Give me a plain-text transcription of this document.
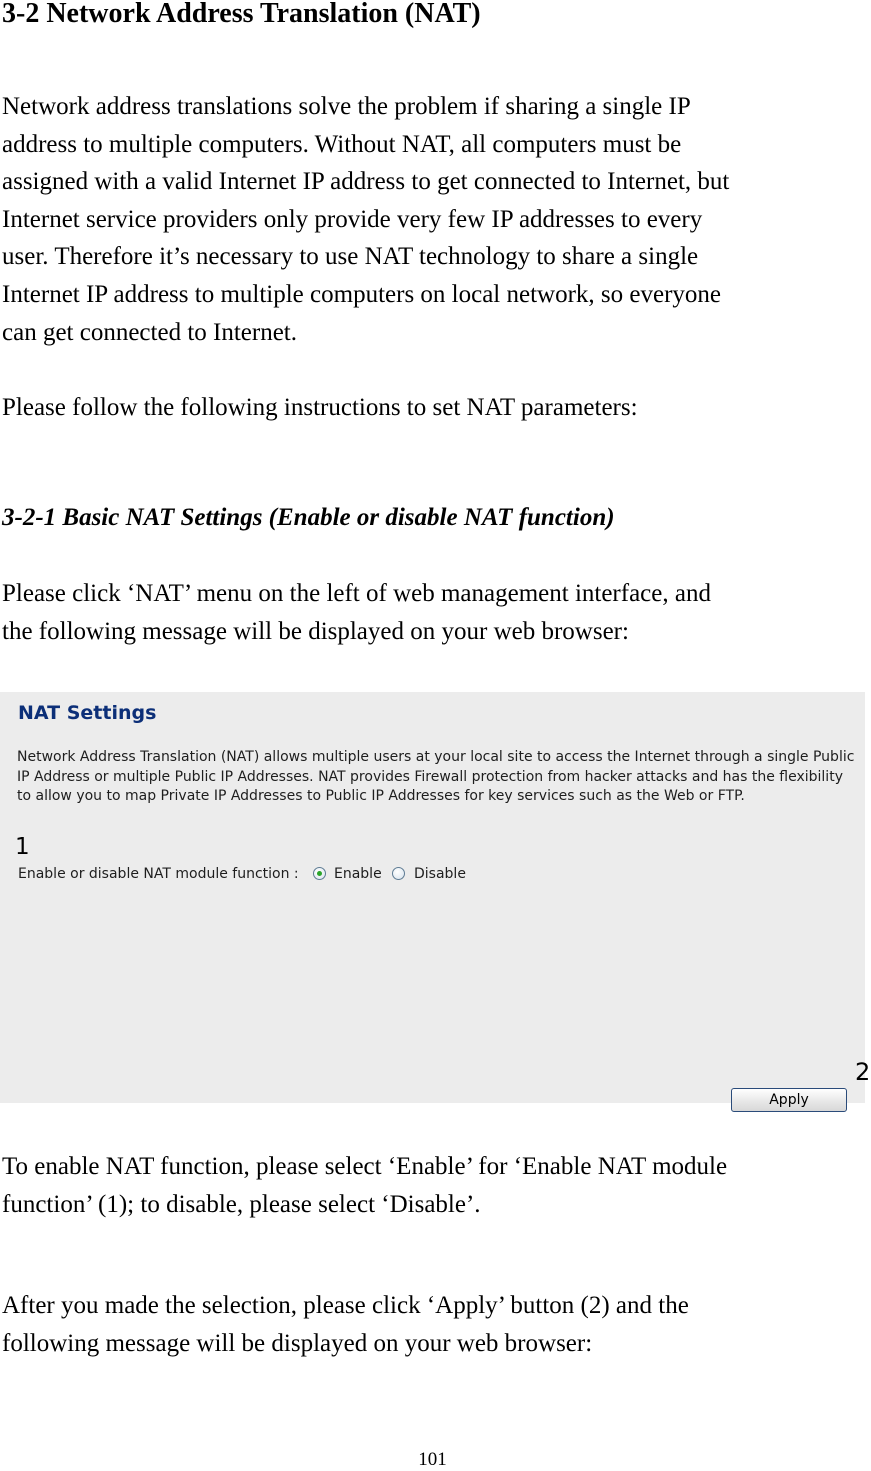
3-2 Network Address Translation (NAT)

Network address translations solve the problem if sharing a single IP
address to multiple computers. Without NAT, all computers must be
assigned with a valid Internet IP address to get connected to Internet, but
Internet service providers only provide very few IP addresses to every
user. Therefore it’s necessary to use NAT technology to share a single
Internet IP address to multiple computers on local network, so everyone
can get connected to Internet.

Please follow the following instructions to set NAT parameters:

3-2-1 Basic NAT Settings (Enable or disable NAT function)

Please click ‘NAT’ menu on the left of web management interface, and
the following message will be displayed on your web browser:

NAT Settings
Network Address Translation (NAT) allows multiple users at your local site to access the Internet through a single Public
IP Address or multiple Public IP Addresses. NAT provides Firewall protection from hacker attacks and has the flexibility
to allow you to map Private IP Addresses to Public IP Addresses for key services such as the Web or FTP.
1
Enable or disable NAT module function :	Enable Disable
Apply
2

To enable NAT function, please select ‘Enable’ for ‘Enable NAT module
function’ (1); to disable, please select ‘Disable’.

After you made the selection, please click ‘Apply’ button (2) and the
following message will be displayed on your web browser:

101
